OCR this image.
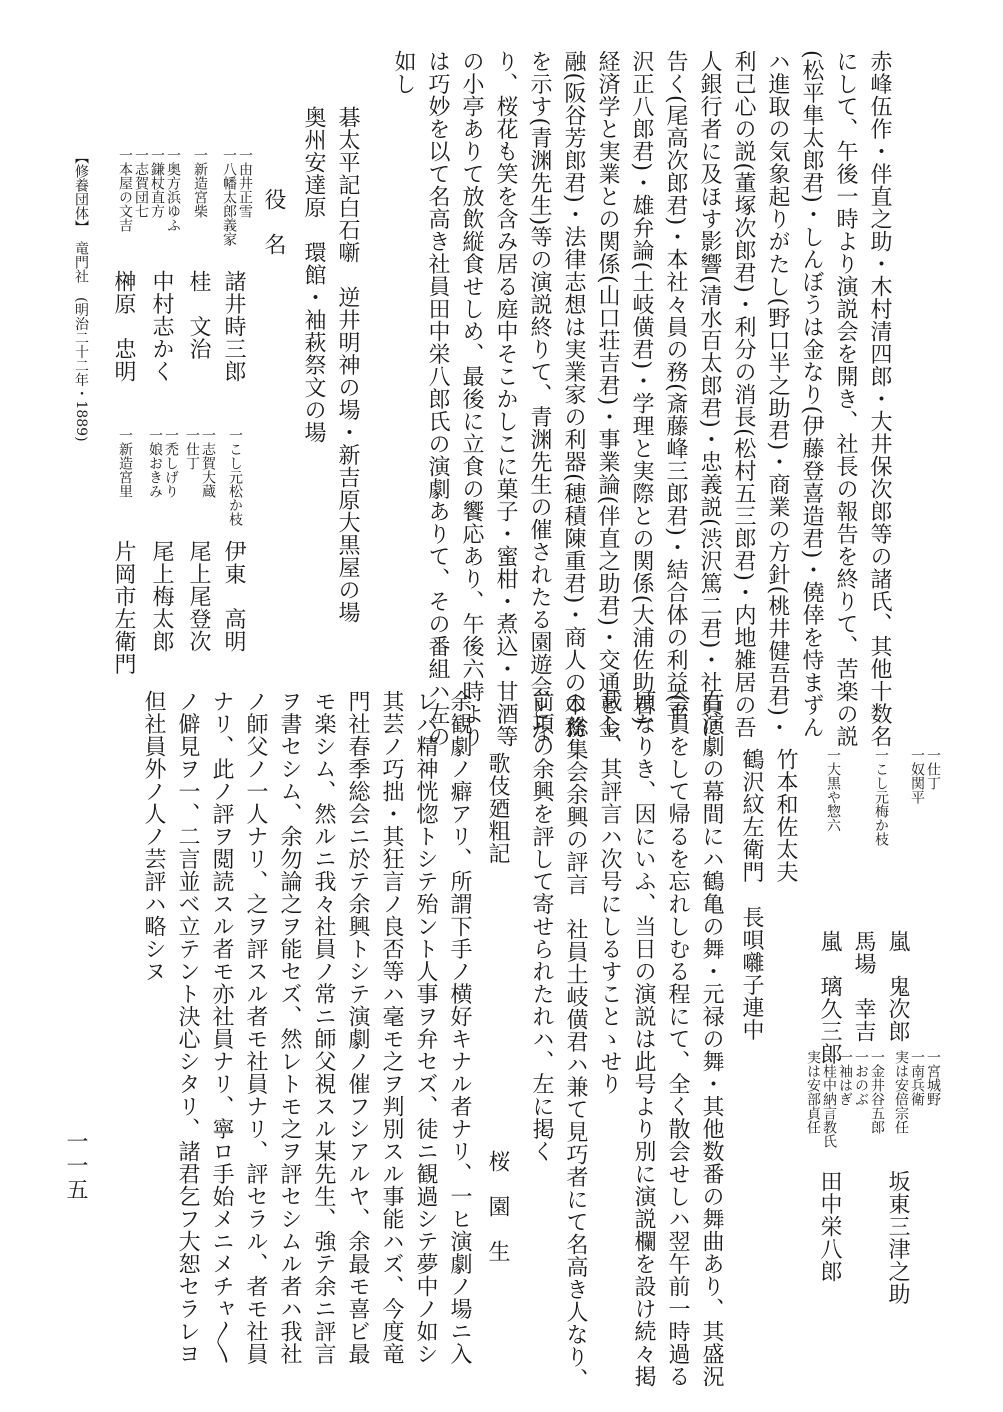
赤峰伍作・伴直之助・木村清四郎・大井保次郎等の諸氏、其他十数名
にして、午後一時より演説会を開き、社長の報告を終りて、苦楽の説
(松平隼太郎君)・しんぼうは金なり(伊藤登喜造君)・僥倖を恃まずん
ハ進取の気象起りがたし(野口半之助君)・商業の方針(桃井健吾君)・
利己心の説(董塚次郎君)・利分の消長(松村五三郎君)・内地雑居の吾
人銀行者に及ほす影響(清水百太郎君)・忠義説(渋沢篤二君)・社員に
告く(尾高次郎君)・本社々員の務(斎藤峰三郎君)・結合体の利益(平
沢正八郎君)・雄弁論(土岐僙君)・学理と実際との関係(大浦佐助君)
経済学と実業との関係(山口荘吉君)・事業論(伴直之助君)・交通と金
融(阪谷芳郎君)・法律志想は実業家の利器(穂積陳重君)・商人の本務
を示す(青渊先生)等の演説終りて、青渊先生の催されたる園遊会とな
り、桜花も笑を含み居る庭中そこかしこに菓子・蜜柑・煮込・甘酒等
の小亭ありて放飲縦食せしめ、最後に立食の饗応あり、午後六時より
は巧妙を以て名高き社員田中栄八郎氏の演劇ありて、その番組ハ左の
如し
碁太平記白石噺　逆井明神の場・新吉原大黒屋の場
奥州安達原　環館・袖萩祭文の場
役　名
一由井正雪
一八幡太郎義家
諸井時三郎
一新造宮柴
桂　文治
一奥方浜ゆふ
一鎌杖直方
一志賀団七
中村志かく
一本屋の文吉
榊原　忠明
一こし元松か枝
伊東　高明
一志賀大蔵
一仕丁
尾上尾登次
一禿しげり
一娘おきみ
尾上梅太郎
一新造宮里
片岡市左衛門
【修養団体】　竜門社　(明治二十二年・1889)
一仕丁
一奴関平
嵐　鬼次郎
一こし元梅か枝
馬場　幸吉
一大黒や惣六
嵐　璃久三郎
一宮城野
一南兵衛
実は安倍宗任
坂東三津之助
一金井谷五郎
一おのぶ
一袖はぎ
一桂中納言教氏
実は安部貞任
田中栄八郎
竹本和佐太夫
鶴沢紋左衛門
長唄囃子連中
右演劇の幕間にハ鶴亀の舞・元禄の舞・其他数番の舞曲あり、其盛況
会員をして帰るを忘れしむる程にて、全く散会せしハ翌午前一時過る
頃なりき、因にいふ、当日の演説は此号より別に演説欄を設け続々掲
載し、其評言ハ次号にしるすことゝせり
○総集会余興の評言　社員土岐僙君ハ兼て見巧者にて名高き人なり、
前項の余興を評して寄せられたれハ、左に掲く
歌伎廼粗記
桜　園　生
余観劇ノ癖アリ、所謂下手ノ横好キナル者ナリ、一ヒ演劇ノ場ニ入
レバ精神恍惚トシテ殆ント人事ヲ弁セズ、徒ニ観過シテ夢中ノ如シ
其芸ノ巧拙・其狂言ノ良否等ハ毫モ之ヲ判別スル事能ハズ、今度竜
門社春季総会ニ於テ余興トシテ演劇ノ催フシアルヤ、余最モ喜ビ最
モ楽シム、然ルニ我々社員ノ常ニ師父視スル某先生、強テ余ニ評言
ヲ書セシム、余勿論之ヲ能セズ、然レトモ之ヲ評セシムル者ハ我社
ノ師父ノ一人ナリ、之ヲ評スル者モ社員ナリ、評セラル、者モ社員
ナリ、此ノ評ヲ閲読スル者モ亦社員ナリ、寧ロ手始メニメチャ〱
ノ僻見ヲ一、二言並ベ立テント決心シタリ、諸君乞フ大恕セラレヨ
但社員外ノ人ノ芸評ハ略シヌ
一一五
